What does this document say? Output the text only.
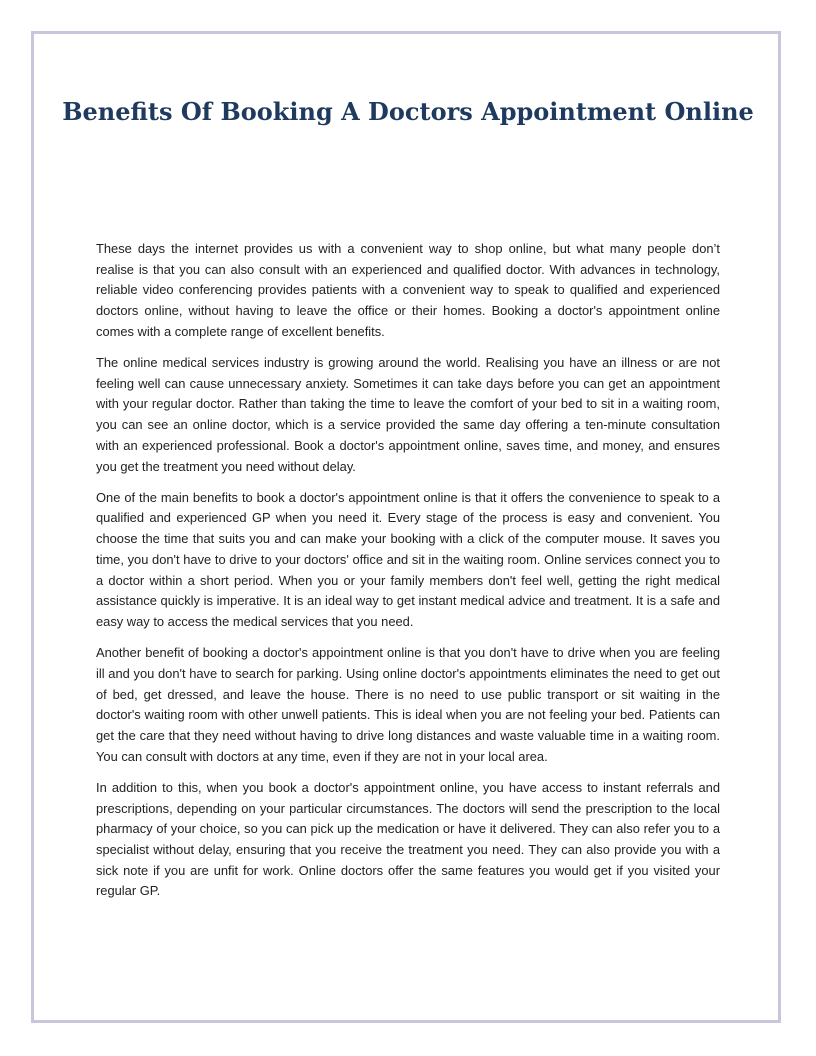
Benefits Of Booking A Doctors Appointment Online

These days the internet provides us with a convenient way to shop online, but what many people don’t realise is that you can also consult with an experienced and qualified doctor. With advances in technology, reliable video conferencing provides patients with a convenient way to speak to qualified and experienced doctors online, without having to leave the office or their homes. Booking a doctor's appointment online comes with a complete range of excellent benefits.

The online medical services industry is growing around the world. Realising you have an illness or are not feeling well can cause unnecessary anxiety. Sometimes it can take days before you can get an appointment with your regular doctor. Rather than taking the time to leave the comfort of your bed to sit in a waiting room, you can see an online doctor, which is a service provided the same day offering a ten-minute consultation with an experienced professional. Book a doctor's appointment online, saves time, and money, and ensures you get the treatment you need without delay.

One of the main benefits to book a doctor's appointment online is that it offers the convenience to speak to a qualified and experienced GP when you need it. Every stage of the process is easy and convenient. You choose the time that suits you and can make your booking with a click of the computer mouse. It saves you time, you don't have to drive to your doctors' office and sit in the waiting room. Online services connect you to a doctor within a short period. When you or your family members don't feel well, getting the right medical assistance quickly is imperative. It is an ideal way to get instant medical advice and treatment. It is a safe and easy way to access the medical services that you need.

Another benefit of booking a doctor's appointment online is that you don't have to drive when you are feeling ill and you don't have to search for parking. Using online doctor's appointments eliminates the need to get out of bed, get dressed, and leave the house. There is no need to use public transport or sit waiting in the doctor's waiting room with other unwell patients. This is ideal when you are not feeling your bed. Patients can get the care that they need without having to drive long distances and waste valuable time in a waiting room. You can consult with doctors at any time, even if they are not in your local area.

In addition to this, when you book a doctor's appointment online, you have access to instant referrals and prescriptions, depending on your particular circumstances. The doctors will send the prescription to the local pharmacy of your choice, so you can pick up the medication or have it delivered. They can also refer you to a specialist without delay, ensuring that you receive the treatment you need. They can also provide you with a sick note if you are unfit for work. Online doctors offer the same features you would get if you visited your regular GP.
